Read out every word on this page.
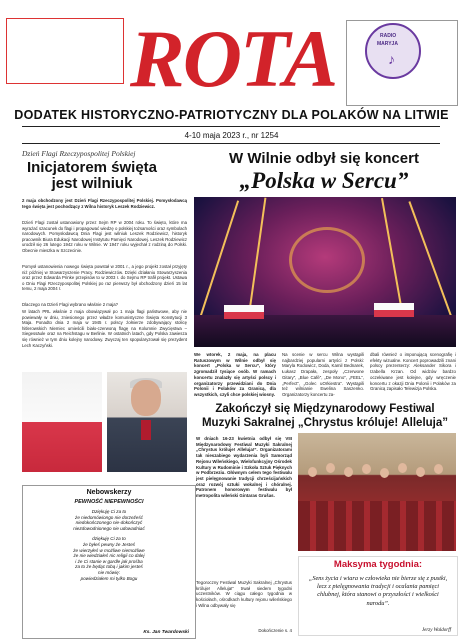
ROTA	RADIO
MARYJA
♪
DODATEK HISTORYCZNO-PATRIOTYCZNY DLA POLAKÓW NA LITWIE
4-10 maja 2023 r., nr 1254
Dzień Flagi Rzeczypospolitej Polskiej
Inicjatorem święta
jest wilniuk
2 maja obchodzony jest Dzień Flagi Rzeczypospolitej Polskiej. Pomysłodawcą tego święta jest pochodzący z Wilna historyk Leszek Rodziewicz.
Dzień Flagi został ustanowiony przez Sejm RP w 2004 roku. To święto, które ma wyrażać szacunek do flagi i propagować wiedzę o polskiej tożsamości oraz symbolach narodowych. Pomysłodawcą Dnia Flagi jest wilniuk Leszek Rodziewicz, historyk pracownik Biura Edukacji Narodowej Instytutu Pamięci Narodowej. Leszek Rodziewicz urodził się 26 lutego 1942 roku w Wilnie. W 1947 roku wyjechał z rodziną do Polski. Obecnie mieszka w Szczecinie.
Pomysł ustanowienia nowego święta powstał w 2001 r., a jego projekt został przyjęty niż później w Stowarzyszenie Pracy. Rodziewiczów. Dzięki działaniu Stowarzyszenia oraz przez Edwarda Prinke przepisów to w 2003 r. do Sejmu RP trafił projekt. Ustawa o Dniu Flagi Rzeczypospolitej Polskiej po raz pierwszy był obchodzony dzień 15 lat temu, 2 maja 2004 r.
Dlaczego na Dzień Flagi wybrano właśnie 2 maja?
W latach PRL właśnie 2 maja obowiązywał po 1 maja flagi państwowe, aby nie powiewały w dniu, zniesionego przez władze komunistyczne Święta Konstytucji 3 Maja. Ponadto dnia 2 maja w 1945 r. polscy żołnierze zdobywający stolicę hitlerowskich Niemiec umieścili biało-czerwoną flagę na Kolumnie Zwycięstwa – Siegessäule oraz na Reichstagu w Berlinie. W ostatnich latach, gdy Polska zawiesza się również w tym dniu kolejny narodowy. Zwyczaj ten spopularyzował się prezydent Lech Kaczyński.
Nebowskerzy
PEWNOŚĆ NIEPEWNOŚCI
Dziękuję Ci za to
że niedomówiongo nie dorzeźeść
niedokończonego nie-dokończyć
niezdowodnionego nie udowadniać
dziękuję Ci za to
że byłeś pewny że Jesteś
że wierzyłeś w możliwe niemożliwe
że nie wiedziałeś nic religii co dalej
i że Ci stanie w gardle jak prośba
za to że będąc tobą i jakim jesteś
nie mówię:
powiedziałem mi tylko Bogu
Ks. Jan Twardowski
W Wilnie odbył się koncert
„Polska w Sercu”
We wtorek, 2 maja, na placu Ratuszowym w Wilnie odbył się koncert „Polska w Sercu”, który zgromadził tysiące osób. W ramach koncertu znalazły się artyści polscy i organizatorzy przewidziani do Dnia Polonii i Polaków za Granicą, dla wszystkich, czyli chce polskiej wiosny.
Na scenie w sercu Wilna wystąpili najbardziej popularni artyści z Polski: Maryla Rodowicz, Doda, Kamil Bednarek, Łukasz Drapała, zespoły „Czerwone Gitary”, „Blue Café”, „De Mono”, „FEEL”, „Perfect”, „Golec uOrkiestra”. Wystąpili też wilnianie Ewelina Saszenko. Organizatorzy koncertu za-
dbali również o imponującą scenografię i efekty wizualne. Koncert poprowadzili znani polscy prezenterzy: Aleksander Sikora i Izabella Krzan. Od widzów bardzo oczekiwane jest kolejne, gdy wręczenie koncertu z okazji Dnia Polonii i Polaków za Granicą zapisało Telewizja Polska.
Zakończył się Międzynarodowy Festiwal
Muzyki Sakralnej „Chrystus królujе! Alleluja”
W dniach 16-23 kwietnia odbył się VIII Międzynarodowy Festiwal Muzyki Sakralnej „Chrystus królujе! Alleluja!”. Organizatorami tak nieszabiego wydarzenia byli Samorząd Rejonu Wileńskiego, Wielofunkcyjny Ośrodek Kultury w Rudominie i Szkoła Sztuk Pięknych w Podbrzeziu. Głównym celem tego festiwalu jest pielęgnowanie tradycji chrześcijańskich oraz rozwój sztuki wokalnej i chóralnej. Patronem honorowym festiwalu był metropolita wileński Gintaras Grušas.
Tegoroczny Festiwal Muzyki Sakralnej „Chrystus królujе! Alleluja!” trwał siedem tygodni uczestników. W ciągu całego tygodnia w kościołach, ośrodkach kultury rejonu wileńskiego i Wilna odbywały się
Dokończenie s. 4
Maksyma tygodnia:
„Sens życia i wiara w człowieka nie bierze się z pustki, lecz z pielęgnowania tradycji i ocalania pamięci chlubnej, która stanowi o przyszłości i wielkości narodu”.
Jerzy Waldorff
